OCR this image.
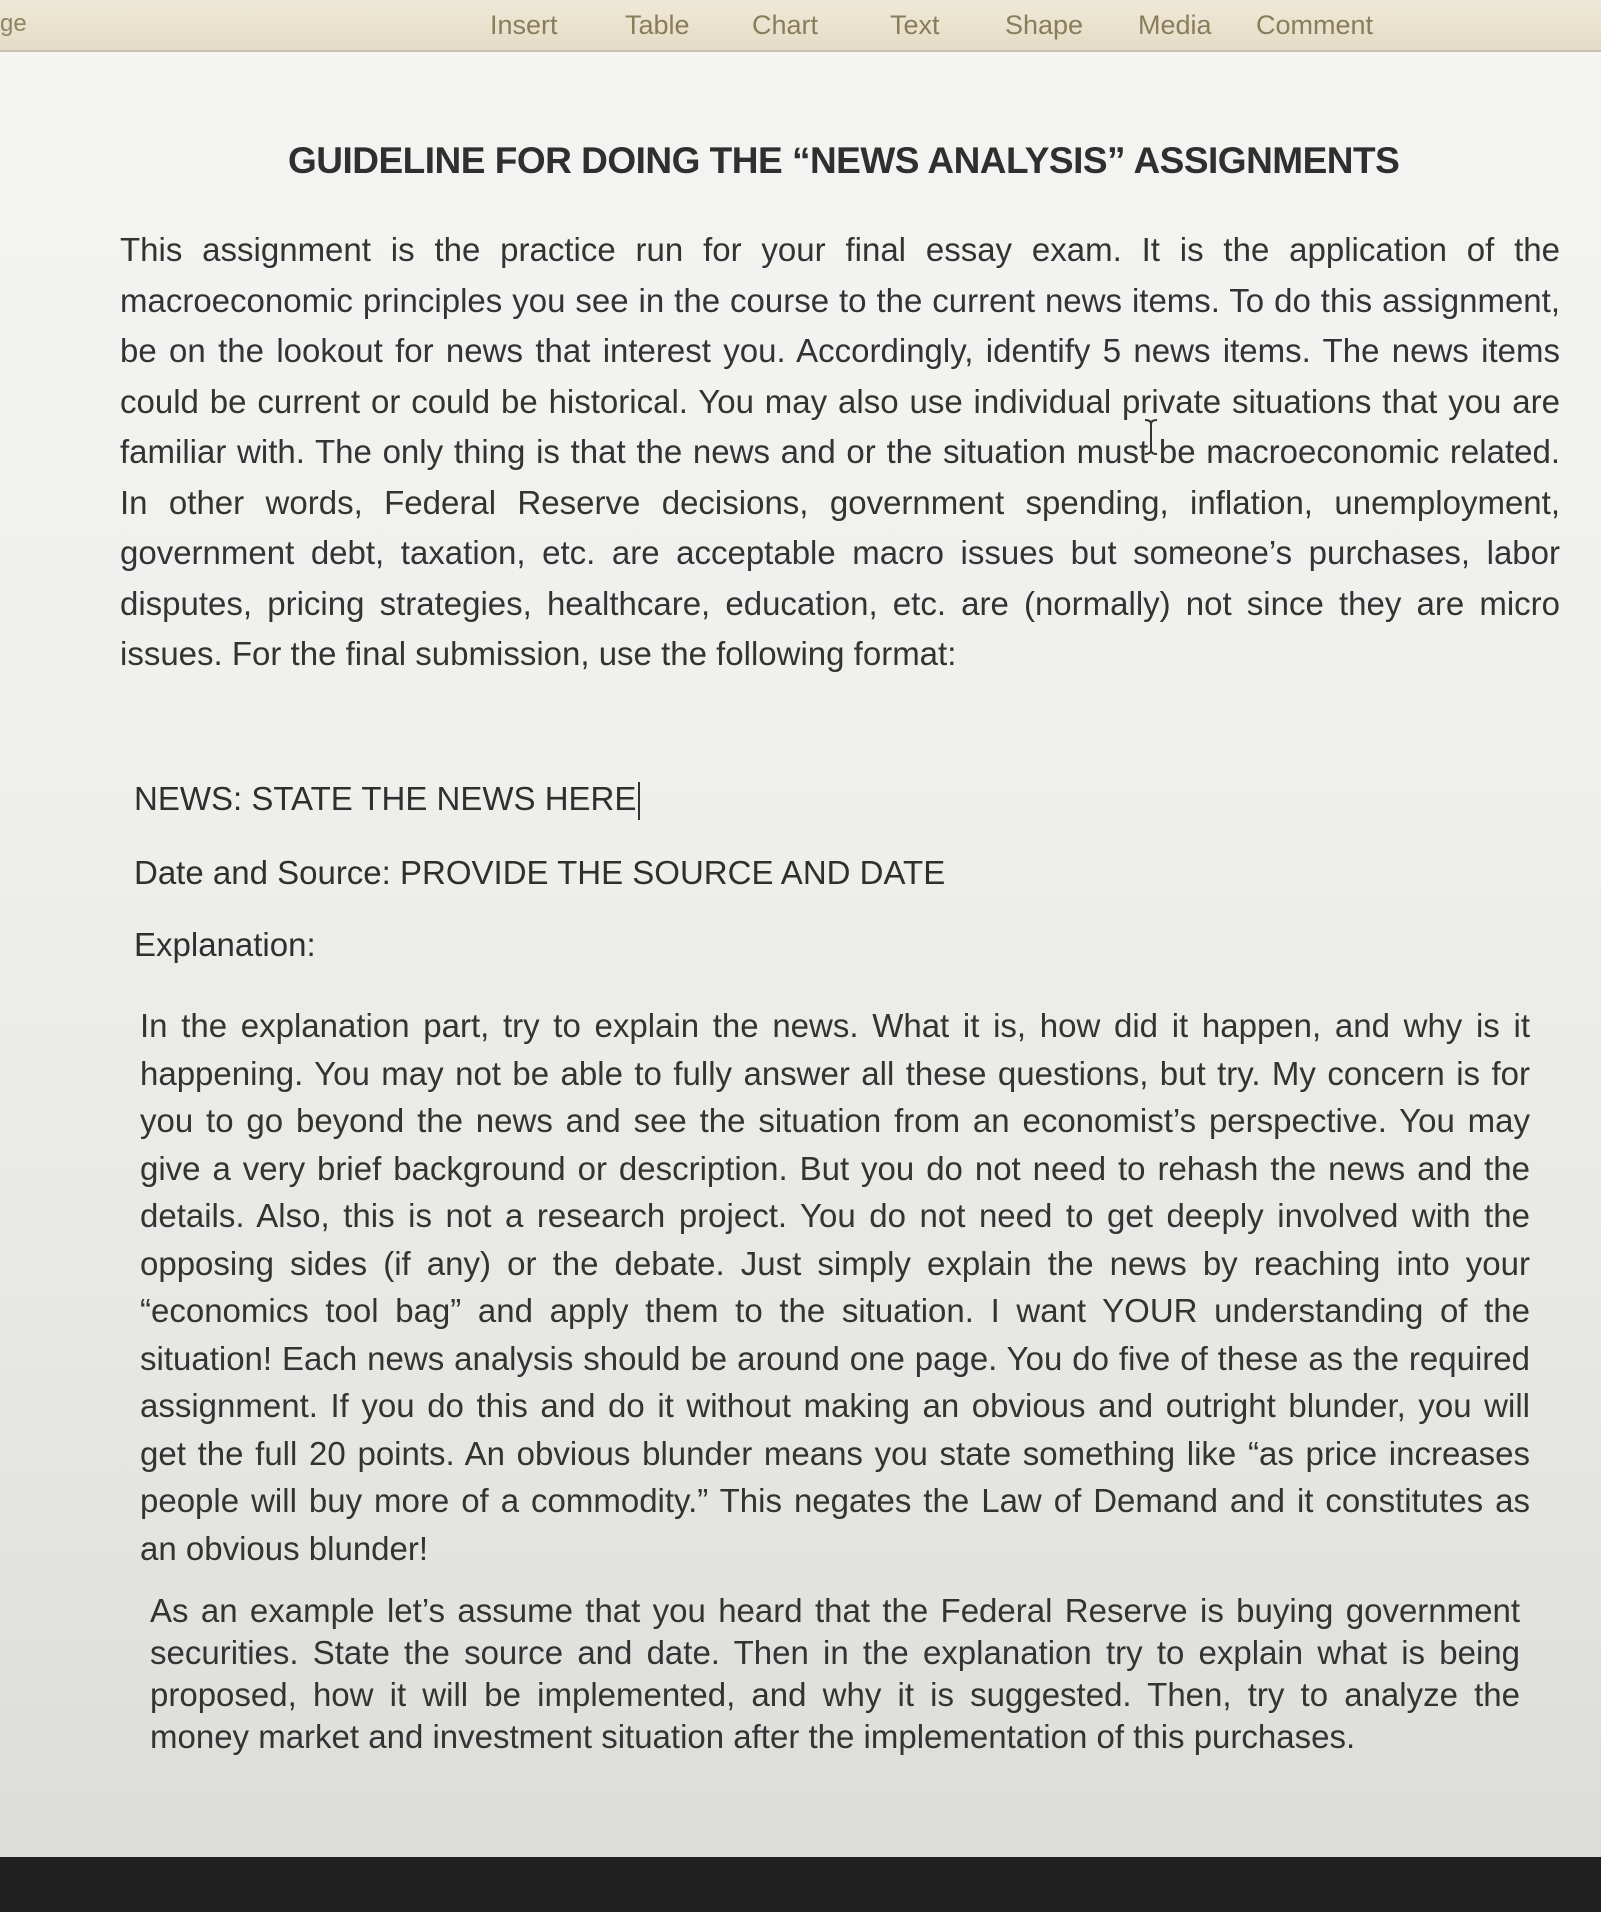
ge	Insert Table Chart	Text Shape Media Comment
GUIDELINE FOR DOING THE “NEWS ANALYSIS” ASSIGNMENTS
This assignment is the practice run for your final essay exam. It is the application of the macroeconomic principles you see in the course to the current news items. To do this assignment, be on the lookout for news that interest you. Accordingly, identify 5 news items. The news items could be current or could be historical. You may also use individual private situations that you are familiar with. The only thing is that the news and or the situation must be macroeconomic related. In other words, Federal Reserve decisions, government spending, inflation, unemployment, government debt, taxation, etc. are acceptable macro issues but someone’s purchases, labor disputes, pricing strategies, healthcare, education, etc. are (normally) not since they are micro issues. For the final submission, use the following format:
NEWS: STATE THE NEWS HERE
Date and Source: PROVIDE THE SOURCE AND DATE
Explanation:
In the explanation part, try to explain the news. What it is, how did it happen, and why is it happening. You may not be able to fully answer all these questions, but try. My concern is for you to go beyond the news and see the situation from an economist’s perspective. You may give a very brief background or description. But you do not need to rehash the news and the details. Also, this is not a research project. You do not need to get deeply involved with the opposing sides (if any) or the debate. Just simply explain the news by reaching into your “economics tool bag” and apply them to the situation. I want YOUR understanding of the situation! Each news analysis should be around one page. You do five of these as the required assignment. If you do this and do it without making an obvious and outright blunder, you will get the full 20 points. An obvious blunder means you state something like “as price increases people will buy more of a commodity.” This negates the Law of Demand and it constitutes as an obvious blunder!
As an example let’s assume that you heard that the Federal Reserve is buying government securities. State the source and date. Then in the explanation try to explain what is being proposed, how it will be implemented, and why it is suggested. Then, try to analyze the money market and investment situation after the implementation of this purchases.
